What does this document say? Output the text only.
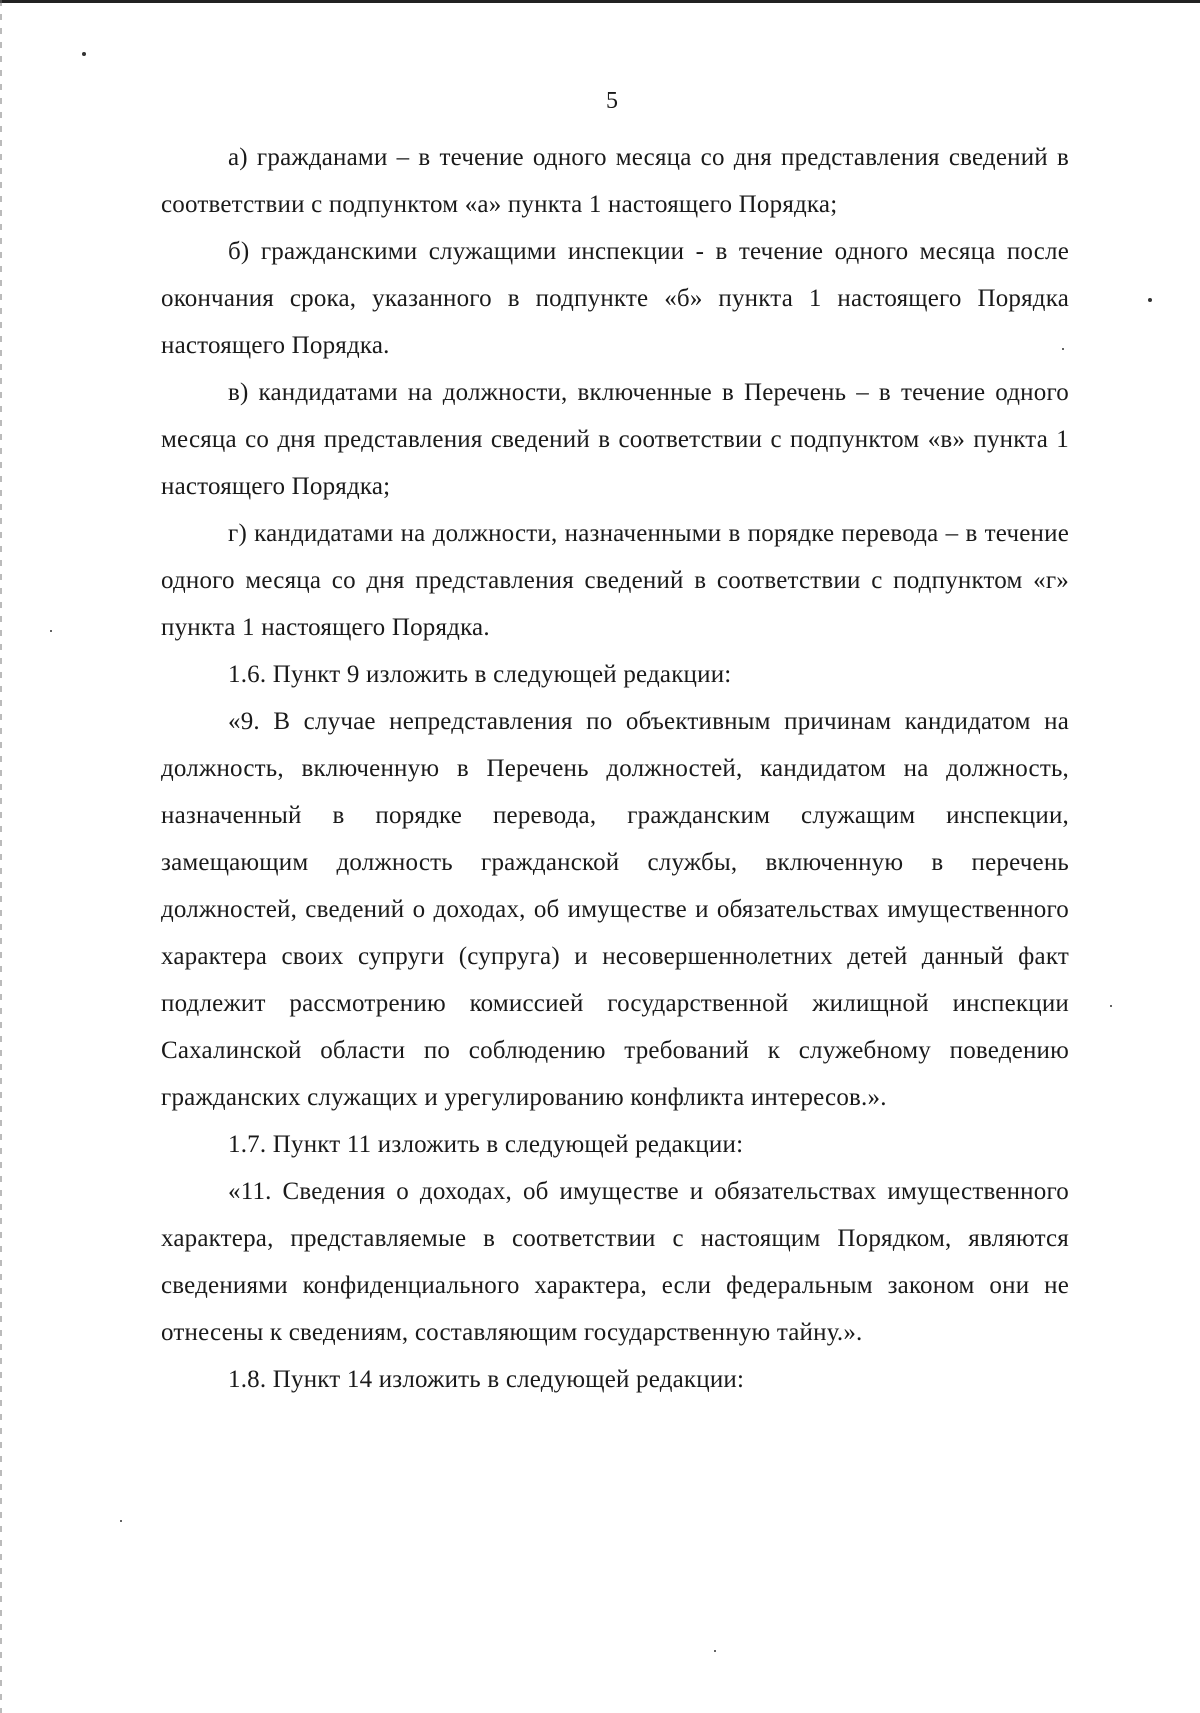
5

а) гражданами – в течение одного месяца со дня представления сведений в соответствии с подпунктом «а» пункта 1 настоящего Порядка;

б) гражданскими служащими инспекции - в течение одного месяца после окончания срока, указанного в подпункте «б» пункта 1 настоящего Порядка настоящего Порядка.

в) кандидатами на должности, включенные в Перечень – в течение одного месяца со дня представления сведений в соответствии с подпунктом «в» пункта 1 настоящего Порядка;

г) кандидатами на должности, назначенными в порядке перевода – в течение одного месяца со дня представления сведений в соответствии с подпунктом «г» пункта 1 настоящего Порядка.

1.6. Пункт 9 изложить в следующей редакции:

«9. В случае непредставления по объективным причинам кандидатом на должность, включенную в Перечень должностей, кандидатом на должность, назначенный в порядке перевода, гражданским служащим инспекции, замещающим должность гражданской службы, включенную в перечень должностей, сведений о доходах, об имуществе и обязательствах имущественного характера своих супруги (супруга) и несовершеннолетних детей данный факт подлежит рассмотрению комиссией государственной жилищной инспекции Сахалинской области по соблюдению требований к служебному поведению гражданских служащих и урегулированию конфликта интересов.».

1.7. Пункт 11 изложить в следующей редакции:

«11. Сведения о доходах, об имуществе и обязательствах имущественного характера, представляемые в соответствии с настоящим Порядком, являются сведениями конфиденциального характера, если федеральным законом они не отнесены к сведениям, составляющим государственную тайну.».

1.8. Пункт 14 изложить в следующей редакции:
